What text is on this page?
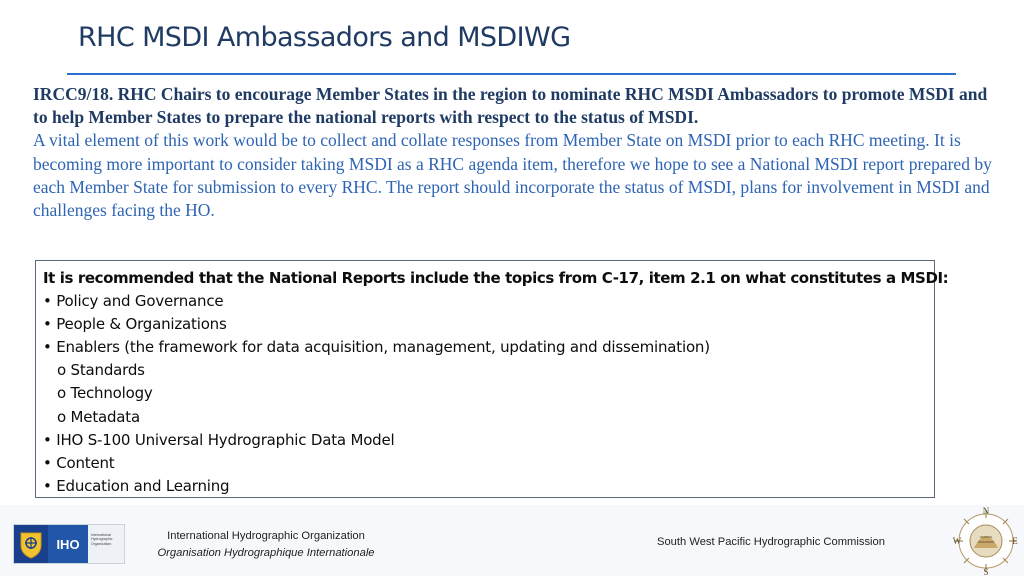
RHC MSDI Ambassadors and MSDIWG
IRCC9/18. RHC Chairs to encourage Member States in the region to nominate RHC MSDI Ambassadors to promote MSDI and to help Member States to prepare the national reports with respect to the status of MSDI.
A vital element of this work would be to collect and collate responses from Member State on MSDI prior to each RHC meeting. It is becoming more important to consider taking MSDI as a RHC agenda item, therefore we hope to see a National MSDI report prepared by each Member State for submission to every RHC. The report should incorporate the status of MSDI, plans for involvement in MSDI and challenges facing the HO.
It is recommended that the National Reports include the topics from C-17, item 2.1 on what constitutes a MSDI:
• Policy and Governance
• People & Organizations
• Enablers (the framework for data acquisition, management, updating and dissemination)
o Standards
o Technology
o Metadata
• IHO S-100 Universal Hydrographic Data Model
• Content
• Education and Learning
IHO
International Hydrographic Organization
International Hydrographic Organization
Organisation Hydrographique Internationale
South West Pacific Hydrographic Commission
N
W	E
S
